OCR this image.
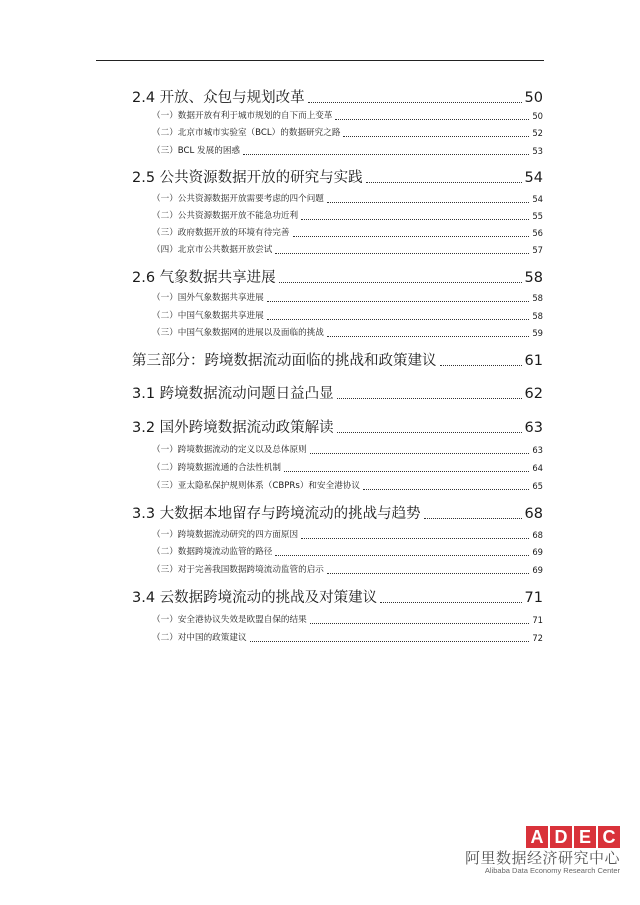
2.4 开放、众包与规划改革	50
（一）数据开放有利于城市规划的自下而上变革	50
（二）北京市城市实验室（BCL）的数据研究之路	52
（三）BCL 发展的困惑	53
2.5 公共资源数据开放的研究与实践	54
（一）公共资源数据开放需要考虑的四个问题	54
（二）公共资源数据开放不能急功近利	55
（三）政府数据开放的环境有待完善	56
（四）北京市公共数据开放尝试	57
2.6 气象数据共享进展	58
（一）国外气象数据共享进展	58
（二）中国气象数据共享进展	58
（三）中国气象数据网的进展以及面临的挑战	59
第三部分：跨境数据流动面临的挑战和政策建议	61
3.1 跨境数据流动问题日益凸显	62
3.2 国外跨境数据流动政策解读	63
（一）跨境数据流动的定义以及总体原则	63
（二）跨境数据流通的合法性机制	64
（三）亚太隐私保护规则体系（CBPRs）和安全港协议	65
3.3 大数据本地留存与跨境流动的挑战与趋势	68
（一）跨境数据流动研究的四方面原因	68
（二）数据跨境流动监管的路径	69
（三）对于完善我国数据跨境流动监管的启示	69
3.4 云数据跨境流动的挑战及对策建议	71
（一）安全港协议失效是欧盟自保的结果	71
（二）对中国的政策建议	72
A D E C
阿里数据经济研究中心
Alibaba Data Economy Research Center
